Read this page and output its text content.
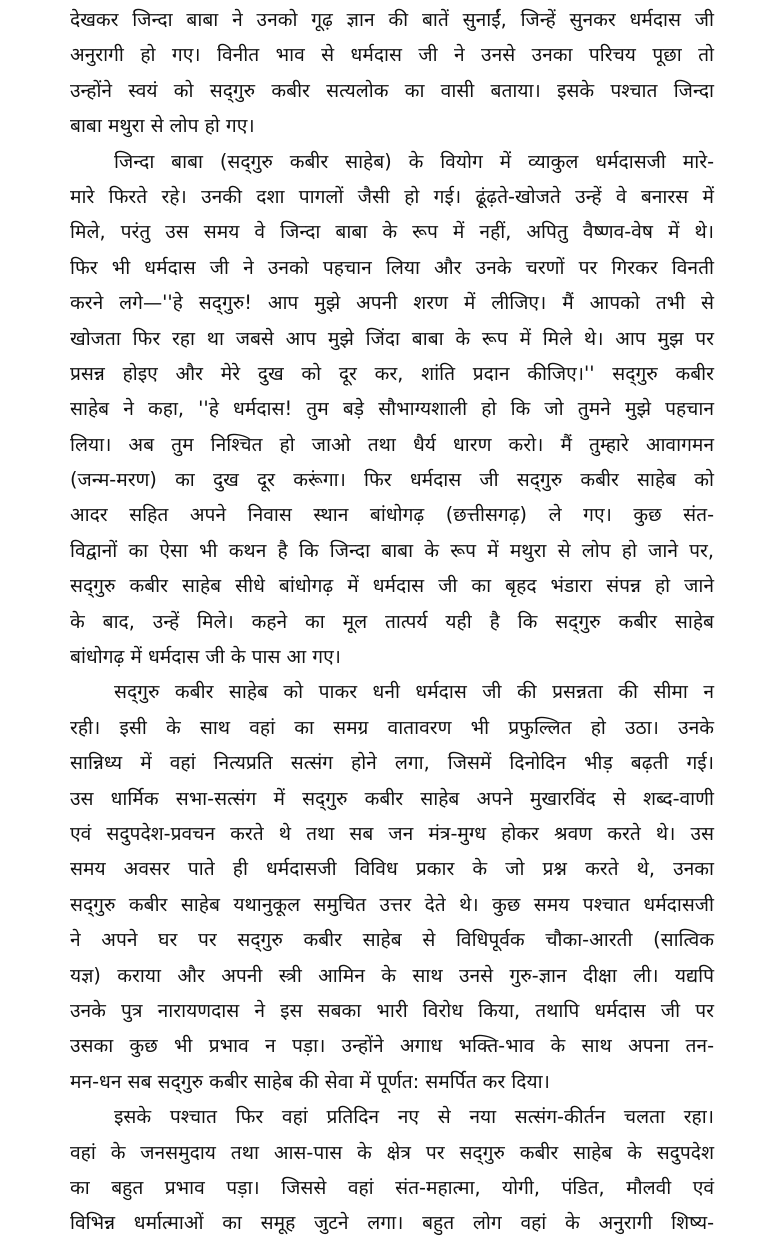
देखकर जिन्दा बाबा ने उनको गूढ़ ज्ञान की बातें सुनाईं, जिन्हें सुनकर धर्मदास जी
अनुरागी हो गए। विनीत भाव से धर्मदास जी ने उनसे उनका परिचय पूछा तो
उन्होंने स्वयं को सद्‌गुरु कबीर सत्यलोक का वासी बताया। इसके पश्चात जिन्दा
बाबा मथुरा से लोप हो गए।
जिन्दा बाबा (सद्‌गुरु कबीर साहेब) के वियोग में व्याकुल धर्मदासजी मारे-
मारे फिरते रहे। उनकी दशा पागलों जैसी हो गई। ढूंढ़ते-खोजते उन्हें वे बनारस में
मिले, परंतु उस समय वे जिन्दा बाबा के रूप में नहीं, अपितु वैष्णव-वेष में थे।
फिर भी धर्मदास जी ने उनको पहचान लिया और उनके चरणों पर गिरकर विनती
करने लगे—''हे सद्‌गुरु! आप मुझे अपनी शरण में लीजिए। मैं आपको तभी से
खोजता फिर रहा था जबसे आप मुझे जिंदा बाबा के रूप में मिले थे। आप मुझ पर
प्रसन्न होइए और मेरे दुख को दूर कर, शांति प्रदान कीजिए।'' सद्‌गुरु कबीर
साहेब ने कहा, ''हे धर्मदास! तुम बड़े सौभाग्यशाली हो कि जो तुमने मुझे पहचान
लिया। अब तुम निश्चित हो जाओ तथा धैर्य धारण करो। मैं तुम्हारे आवागमन
(जन्म-मरण) का दुख दूर करूंगा। फिर धर्मदास जी सद्‌गुरु कबीर साहेब को
आदर सहित अपने निवास स्थान बांधोगढ़ (छत्तीसगढ़) ले गए। कुछ संत-
विद्वानों का ऐसा भी कथन है कि जिन्दा बाबा के रूप में मथुरा से लोप हो जाने पर,
सद्‌गुरु कबीर साहेब सीधे बांधोगढ़ में धर्मदास जी का बृहद भंडारा संपन्न हो जाने
के बाद, उन्हें मिले। कहने का मूल तात्पर्य यही है कि सद्‌गुरु कबीर साहेब
बांधोगढ़ में धर्मदास जी के पास आ गए।
सद्‌गुरु कबीर साहेब को पाकर धनी धर्मदास जी की प्रसन्नता की सीमा न
रही। इसी के साथ वहां का समग्र वातावरण भी प्रफुल्लित हो उठा। उनके
सान्निध्य में वहां नित्यप्रति सत्संग होने लगा, जिसमें दिनोदिन भीड़ बढ़ती गई।
उस धार्मिक सभा-सत्संग में सद्‌गुरु कबीर साहेब अपने मुखारविंद से शब्द-वाणी
एवं सदुपदेश-प्रवचन करते थे तथा सब जन मंत्र-मुग्ध होकर श्रवण करते थे। उस
समय अवसर पाते ही धर्मदासजी विविध प्रकार के जो प्रश्न करते थे, उनका
सद्‌गुरु कबीर साहेब यथानुकूल समुचित उत्तर देते थे। कुछ समय पश्चात धर्मदासजी
ने अपने घर पर सद्‌गुरु कबीर साहेब से विधिपूर्वक चौका-आरती (सात्विक
यज्ञ) कराया और अपनी स्त्री आमिन के साथ उनसे गुरु-ज्ञान दीक्षा ली। यद्यपि
उनके पुत्र नारायणदास ने इस सबका भारी विरोध किया, तथापि धर्मदास जी पर
उसका कुछ भी प्रभाव न पड़ा। उन्होंने अगाध भक्ति-भाव के साथ अपना तन-
मन-धन सब सद्‌गुरु कबीर साहेब की सेवा में पूर्णत: समर्पित कर दिया।
इसके पश्चात फिर वहां प्रतिदिन नए से नया सत्संग-कीर्तन चलता रहा।
वहां के जनसमुदाय तथा आस-पास के क्षेत्र पर सद्‌गुरु कबीर साहेब के सदुपदेश
का बहुत प्रभाव पड़ा। जिससे वहां संत-महात्मा, योगी, पंडित, मौलवी एवं
विभिन्न धर्मात्माओं का समूह जुटने लगा। बहुत लोग वहां के अनुरागी शिष्य-
